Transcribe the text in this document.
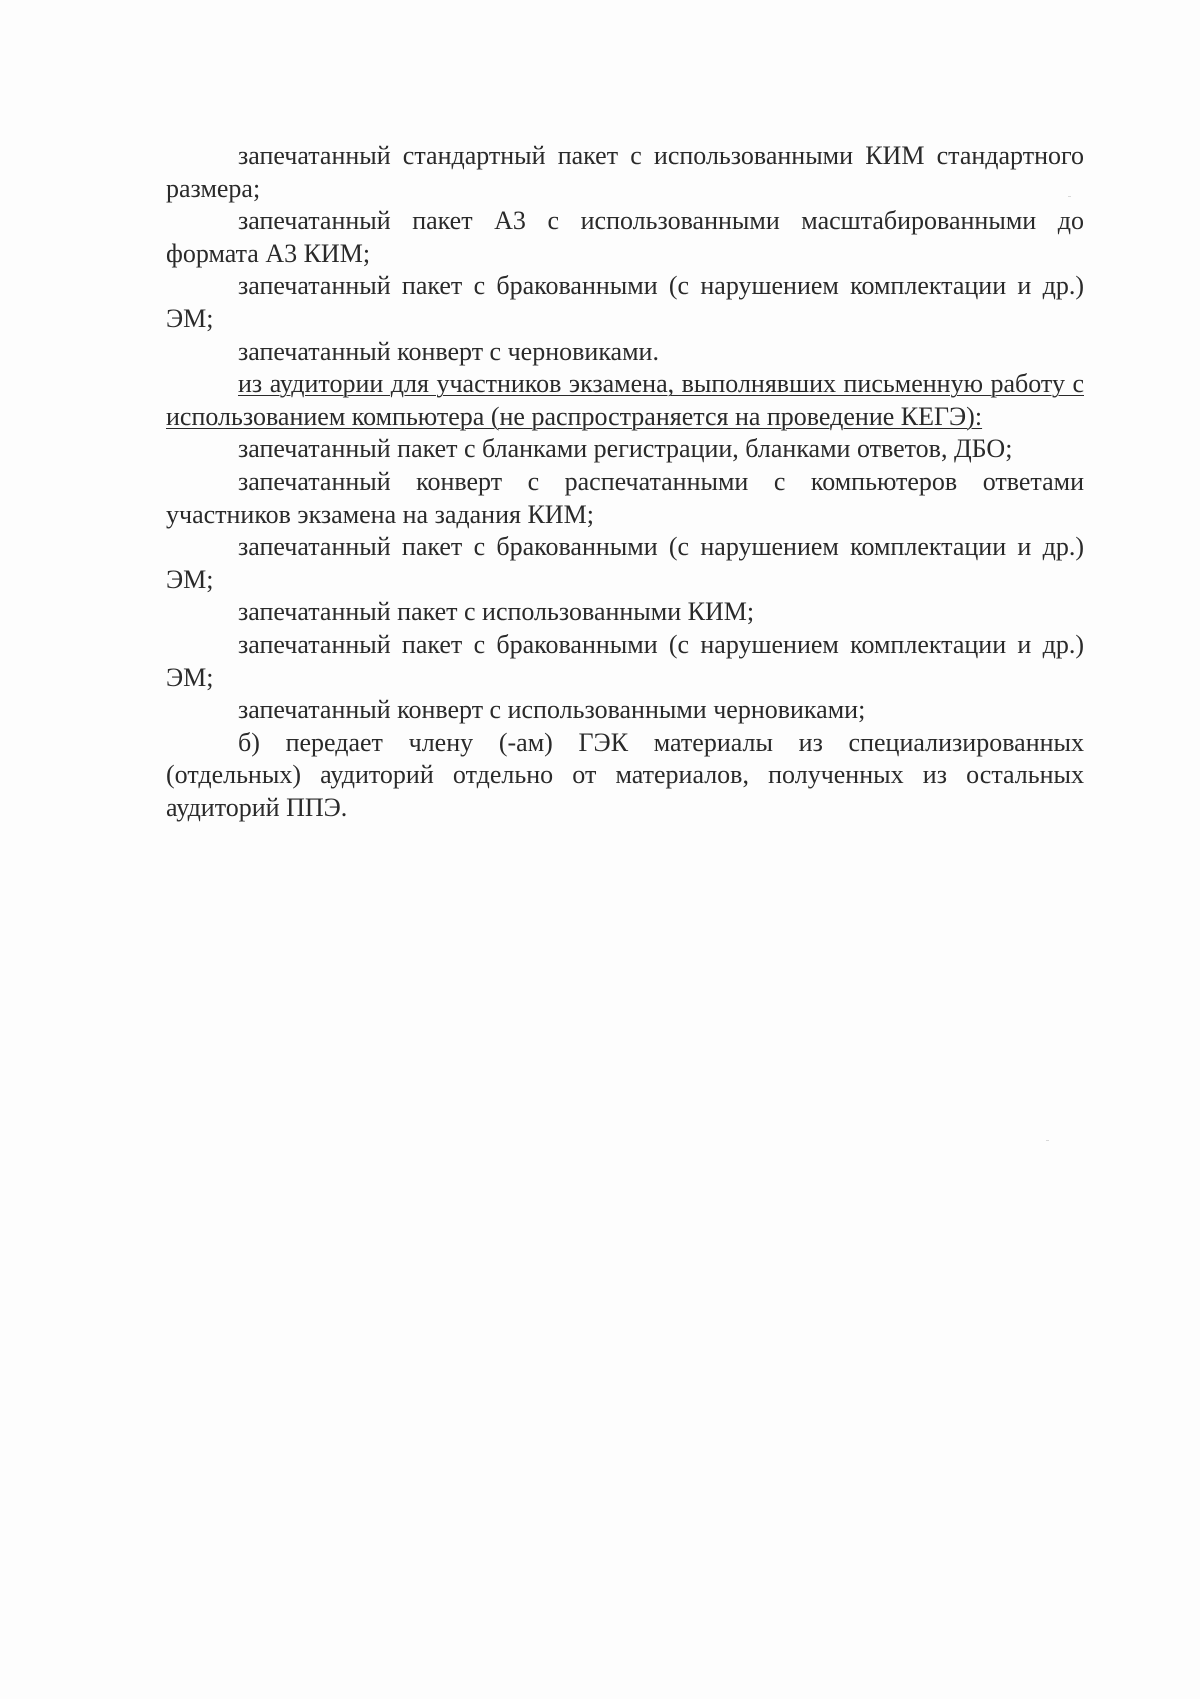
запечатанный стандартный пакет с использованными КИМ стандартного размера;

запечатанный пакет А3 с использованными масштабированными до формата А3 КИМ;

запечатанный пакет с бракованными (с нарушением комплектации и др.) ЭМ;

запечатанный конверт с черновиками.

из аудитории для участников экзамена, выполнявших письменную работу с использованием компьютера (не распространяется на проведение КЕГЭ):

запечатанный пакет с бланками регистрации, бланками ответов, ДБО;

запечатанный конверт с распечатанными с компьютеров ответами участников экзамена на задания КИМ;

запечатанный пакет с бракованными (с нарушением комплектации и др.) ЭМ;

запечатанный пакет с использованными КИМ;

запечатанный пакет с бракованными (с нарушением комплектации и др.) ЭМ;

запечатанный конверт с использованными черновиками;

б) передает члену (-ам) ГЭК материалы из специализированных (отдельных) аудиторий отдельно от материалов, полученных из остальных аудиторий ППЭ.
